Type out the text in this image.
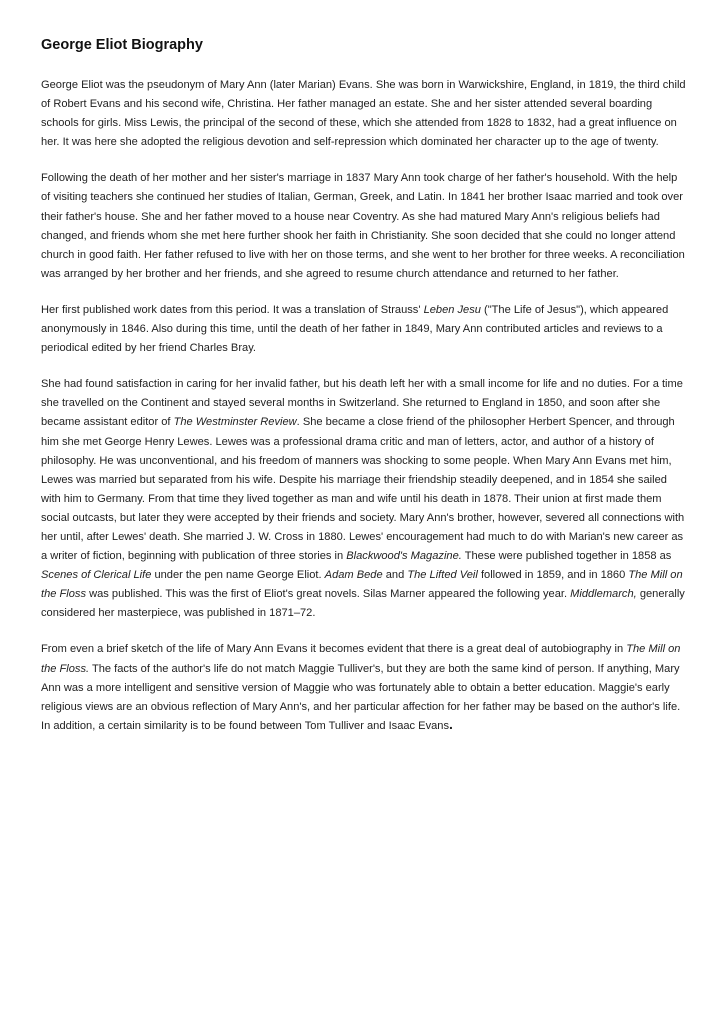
George Eliot Biography

George Eliot was the pseudonym of Mary Ann (later Marian) Evans. She was born in Warwickshire, England, in 1819, the third child of Robert Evans and his second wife, Christina. Her father managed an estate. She and her sister attended several boarding schools for girls. Miss Lewis, the principal of the second of these, which she attended from 1828 to 1832, had a great influence on her. It was here she adopted the religious devotion and self-repression which dominated her character up to the age of twenty.

Following the death of her mother and her sister's marriage in 1837 Mary Ann took charge of her father's household. With the help of visiting teachers she continued her studies of Italian, German, Greek, and Latin. In 1841 her brother Isaac married and took over their father's house. She and her father moved to a house near Coventry. As she had matured Mary Ann's religious beliefs had changed, and friends whom she met here further shook her faith in Christianity. She soon decided that she could no longer attend church in good faith. Her father refused to live with her on those terms, and she went to her brother for three weeks. A reconciliation was arranged by her brother and her friends, and she agreed to resume church attendance and returned to her father.

Her first published work dates from this period. It was a translation of Strauss' Leben Jesu ("The Life of Jesus"), which appeared anonymously in 1846. Also during this time, until the death of her father in 1849, Mary Ann contributed articles and reviews to a periodical edited by her friend Charles Bray.

She had found satisfaction in caring for her invalid father, but his death left her with a small income for life and no duties. For a time she travelled on the Continent and stayed several months in Switzerland. She returned to England in 1850, and soon after she became assistant editor of The Westminster Review. She became a close friend of the philosopher Herbert Spencer, and through him she met George Henry Lewes. Lewes was a professional drama critic and man of letters, actor, and author of a history of philosophy. He was unconventional, and his freedom of manners was shocking to some people. When Mary Ann Evans met him, Lewes was married but separated from his wife. Despite his marriage their friendship steadily deepened, and in 1854 she sailed with him to Germany. From that time they lived together as man and wife until his death in 1878. Their union at first made them social outcasts, but later they were accepted by their friends and society. Mary Ann's brother, however, severed all connections with her until, after Lewes' death. She married J. W. Cross in 1880. Lewes' encouragement had much to do with Marian's new career as a writer of fiction, beginning with publication of three stories in Blackwood's Magazine. These were published together in 1858 as Scenes of Clerical Life under the pen name George Eliot. Adam Bede and The Lifted Veil followed in 1859, and in 1860 The Mill on the Floss was published. This was the first of Eliot's great novels. Silas Marner appeared the following year. Middlemarch, generally considered her masterpiece, was published in 1871–72.

From even a brief sketch of the life of Mary Ann Evans it becomes evident that there is a great deal of autobiography in The Mill on the Floss. The facts of the author's life do not match Maggie Tulliver's, but they are both the same kind of person. If anything, Mary Ann was a more intelligent and sensitive version of Maggie who was fortunately able to obtain a better education. Maggie's early religious views are an obvious reflection of Mary Ann's, and her particular affection for her father may be based on the author's life. In addition, a certain similarity is to be found between Tom Tulliver and Isaac Evans.
